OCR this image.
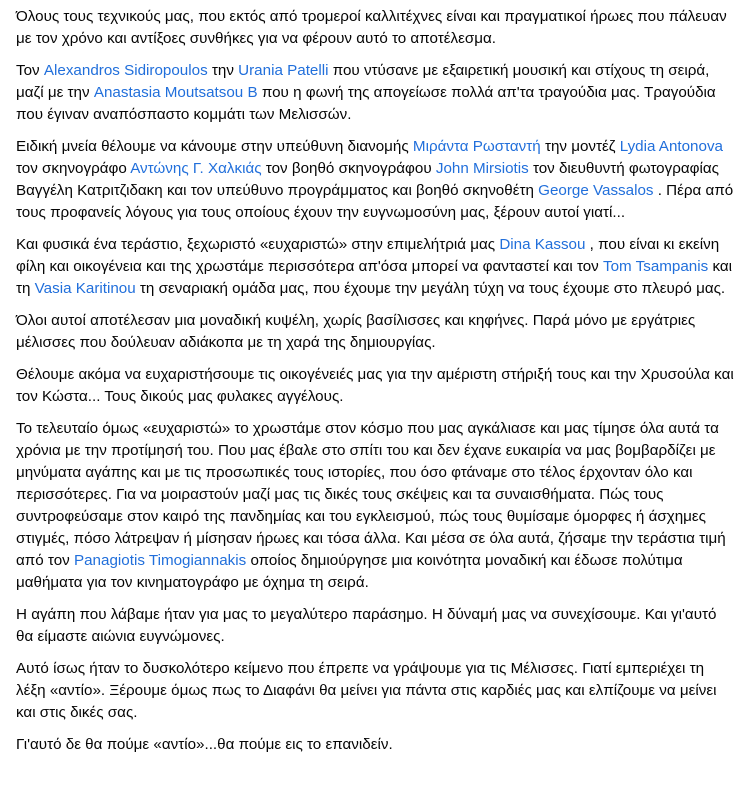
Όλους τους τεχνικούς μας, που εκτός από τρομεροί καλλιτέχνες είναι και πραγματικοί ήρωες που πάλευαν με τον χρόνο και αντίξοες συνθήκες για να φέρουν αυτό το αποτέλεσμα.

Τον Alexandros Sidiropoulos την Urania Patelli που ντύσανε με εξαιρετική μουσική και στίχους τη σειρά, μαζί με την Anastasia Moutsatsou B που η φωνή της απογείωσε πολλά απ'τα τραγούδια μας. Τραγούδια που έγιναν αναπόσπαστο κομμάτι των Μελισσών.

Ειδική μνεία θέλουμε να κάνουμε στην υπεύθυνη διανομής Μιράντα Ρωσταντή την μοντέζ Lydia Antonova τον σκηνογράφο Αντώνης Γ. Χαλκιάς τον βοηθό σκηνογράφου John Mirsiotis τον διευθυντή φωτογραφίας Βαγγέλη Κατριτζιδακη και τον υπεύθυνο προγράμματος και βοηθό σκηνοθέτη George Vassalos . Πέρα από τους προφανείς λόγους για τους οποίους έχουν την ευγνωμοσύνη μας, ξέρουν αυτοί γιατί...

Και φυσικά ένα τεράστιο, ξεχωριστό «ευχαριστώ» στην επιμελήτριά μας Dina Kassou , που είναι κι εκείνη φίλη και οικογένεια και της χρωστάμε περισσότερα απ'όσα μπορεί να φανταστεί και τον Tom Tsampanis και τη Vasia Karitinou τη σεναριακή ομάδα μας, που έχουμε την μεγάλη τύχη να τους έχουμε στο πλευρό μας.

Όλοι αυτοί αποτέλεσαν μια μοναδική κυψέλη, χωρίς βασίλισσες και κηφήνες. Παρά μόνο με εργάτριες μέλισσες που δούλευαν αδιάκοπα με τη χαρά της δημιουργίας.

Θέλουμε ακόμα να ευχαριστήσουμε τις οικογένειές μας για την αμέριστη στήριξή τους και την Χρυσούλα και τον Κώστα... Τους δικούς μας φυλακες αγγέλους.

Το τελευταίο όμως «ευχαριστώ» το χρωστάμε στον κόσμο που μας αγκάλιασε και μας τίμησε όλα αυτά τα χρόνια με την προτίμησή του. Που μας έβαλε στο σπίτι του και δεν έχανε ευκαιρία να μας βομβαρδίζει με μηνύματα αγάπης και με τις προσωπικές τους ιστορίες, που όσο φτάναμε στο τέλος έρχονταν όλο και περισσότερες. Για να μοιραστούν μαζί μας τις δικές τους σκέψεις και τα συναισθήματα. Πώς τους συντροφεύσαμε στον καιρό της πανδημίας και του εγκλεισμού, πώς τους θυμίσαμε όμορφες ή άσχημες στιγμές, πόσο λάτρεψαν ή μίσησαν ήρωες και τόσα άλλα. Και μέσα σε όλα αυτά, ζήσαμε την τεράστια τιμή από τον Panagiotis Timogiannakis οποίος δημιούργησε μια κοινότητα μοναδική και έδωσε πολύτιμα μαθήματα για τον κινηματογράφο με όχημα τη σειρά.

Η αγάπη που λάβαμε ήταν για μας το μεγαλύτερο παράσημο. Η δύναμή μας να συνεχίσουμε. Και γι'αυτό θα είμαστε αιώνια ευγνώμονες.

Αυτό ίσως ήταν το δυσκολότερο κείμενο που έπρεπε να γράψουμε για τις Μέλισσες. Γιατί εμπεριέχει τη λέξη «αντίο». Ξέρουμε όμως πως το Διαφάνι θα μείνει για πάντα στις καρδιές μας και ελπίζουμε να μείνει και στις δικές σας.

Γι'αυτό δε θα πούμε «αντίο»...θα πούμε εις το επανιδείν.
